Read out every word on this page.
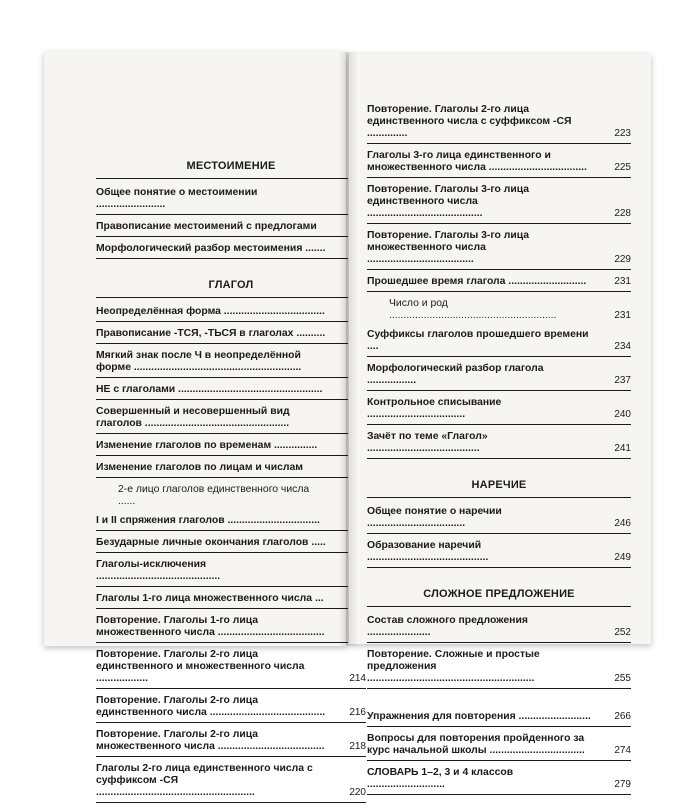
МЕСТОИМЕНИЕ
Общее понятие о местоимении ........................
Правописание местоимений с предлогами
Морфологический разбор местоимения .......
ГЛАГОЛ
Неопределённая форма ...................................
Правописание -ТСЯ, -ТЬСЯ в глаголах ..........
Мягкий знак после Ч в неопределённой форме ..........................................................
НЕ с глаголами ..................................................
Совершенный и несовершенный вид глаголов ..................................................
Изменение глаголов по временам ...............
Изменение глаголов по лицам и числам
2-е лицо глаголов единственного числа ......
I и II спряжения глаголов ................................
Безударные личные окончания глаголов .....
Глаголы-исключения ...........................................
Глаголы 1-го лица множественного числа ...
Повторение. Глаголы 1-го лица множественного числа .....................................
Повторение. Глаголы 2-го лица единственного и множественного числа ..................	214
Повторение. Глаголы 2-го лица единственного числа ........................................	216
Повторение. Глаголы 2-го лица множественного числа .....................................	218
Глаголы 2-го лица единственного числа с суффиксом -СЯ .......................................................	220
Повторение. Глаголы 2-го лица единственного числа с суффиксом -СЯ ..............	223
Глаголы 3-го лица единственного и множественного числа ..................................	225
Повторение. Глаголы 3-го лица единственного числа ........................................	228
Повторение. Глаголы 3-го лица множественного числа .....................................	229
Прошедшее время глагола ...........................	231
Число и род ..........................................................	231
Суффиксы глаголов прошедшего времени ....	234
Морфологический разбор глагола .................	237
Контрольное списывание ..................................	240
Зачёт по теме «Глагол» .......................................	241
НАРЕЧИЕ
Общее понятие о наречии ..................................	246
Образование наречий ..........................................	249
СЛОЖНОЕ ПРЕДЛОЖЕНИЕ
Состав сложного предложения ......................	252
Повторение. Сложные и простые предложения ..........................................................	255
Упражнения для повторения .........................	266
Вопросы для повторения пройденного за курс начальной школы .................................	274
СЛОВАРЬ 1–2, 3 и 4 классов ...........................	279
